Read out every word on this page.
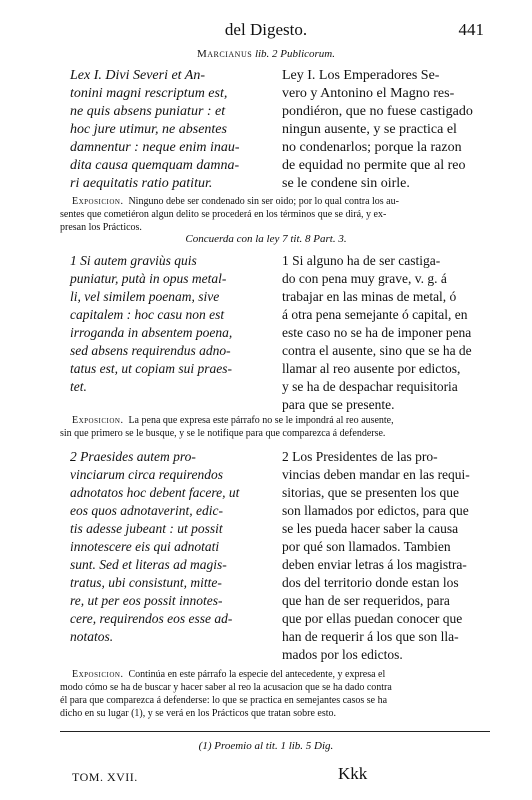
del Digesto.	441
Marcianus lib. 2 Publicorum.
Lex I. Divi Severi et An-
tonini magni rescriptum est,
ne quis absens puniatur : et
hoc jure utimur, ne absentes
damnentur : neque enim inau-
dita causa quemquam damna-
ri aequitatis ratio patitur.
Ley I. Los Emperadores Se-
vero y Antonino el Magno res-
pondiéron, que no fuese castigado
ningun ausente, y se practica el
no condenarlos; porque la razon
de equidad no permite que al reo
se le condene sin oirle.
Exposicion. Ninguno debe ser condenado sin ser oido; por lo qual contra los au-
sentes que cometiéron algun delito se procederá en los términos que se dirá, y ex-
presan los Prácticos.
Concuerda con la ley 7 tit. 8 Part. 3.
1 Si autem graviùs quis
puniatur, putà in opus metal-
li, vel similem poenam, sive
capitalem : hoc casu non est
irroganda in absentem poena,
sed absens requirendus adno-
tatus est, ut copiam sui praes-
tet.
1 Si alguno ha de ser castiga-
do con pena muy grave, v. g. á
trabajar en las minas de metal, ó
á otra pena semejante ó capital, en
este caso no se ha de imponer pena
contra el ausente, sino que se ha de
llamar al reo ausente por edictos,
y se ha de despachar requisitoria
para que se presente.
Exposicion. La pena que expresa este párrafo no se le impondrá al reo ausente,
sin que primero se le busque, y se le notifique para que comparezca á defenderse.
2 Praesides autem pro-
vinciarum circa requirendos
adnotatos hoc debent facere, ut
eos quos adnotaverint, edic-
tis adesse jubeant : ut possit
innotescere eis qui adnotati
sunt. Sed et literas ad magis-
tratus, ubi consistunt, mitte-
re, ut per eos possit innotes-
cere, requirendos eos esse ad-
notatos.
2 Los Presidentes de las pro-
vincias deben mandar en las requi-
sitorias, que se presenten los que
son llamados por edictos, para que
se les pueda hacer saber la causa
por qué son llamados. Tambien
deben enviar letras á los magistra-
dos del territorio donde estan los
que han de ser requeridos, para
que por ellas puedan conocer que
han de requerir á los que son lla-
mados por los edictos.
Exposicion. Continúa en este párrafo la especie del antecedente, y expresa el
modo cómo se ha de buscar y hacer saber al reo la acusacion que se ha dado contra
él para que comparezca á defenderse: lo que se practica en semejantes casos se ha
dicho en su lugar (1), y se verá en los Prácticos que tratan sobre esto.
(1) Proemio al tit. 1 lib. 5 Dig.
TOM. XVII.	Kkk
